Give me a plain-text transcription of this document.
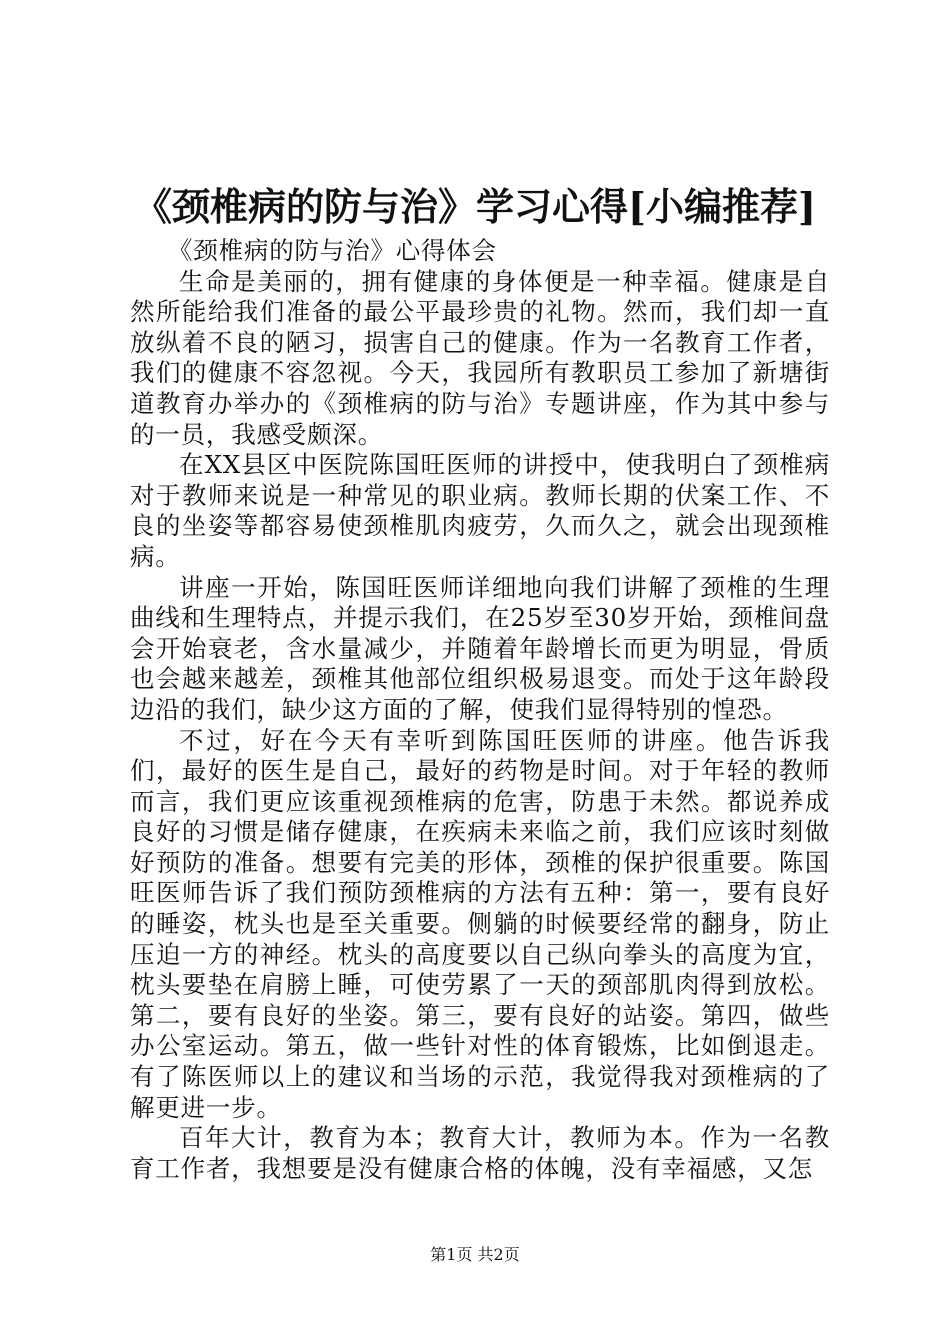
《颈椎病的防与治》学习心得[小编推荐]

《颈椎病的防与治》心得体会

生命是美丽的，拥有健康的身体便是一种幸福。健康是自然所能给我们准备的最公平最珍贵的礼物。然而，我们却一直放纵着不良的陋习，损害自己的健康。作为一名教育工作者，我们的健康不容忽视。今天，我园所有教职员工参加了新塘街道教育办举办的《颈椎病的防与治》专题讲座，作为其中参与的一员，我感受颇深。

在XX县区中医院陈国旺医师的讲授中，使我明白了颈椎病对于教师来说是一种常见的职业病。教师长期的伏案工作、不良的坐姿等都容易使颈椎肌肉疲劳，久而久之，就会出现颈椎病。

讲座一开始，陈国旺医师详细地向我们讲解了颈椎的生理曲线和生理特点，并提示我们，在25岁至30岁开始，颈椎间盘会开始衰老，含水量减少，并随着年龄增长而更为明显，骨质也会越来越差，颈椎其他部位组织极易退变。而处于这年龄段边沿的我们，缺少这方面的了解，使我们显得特别的惶恐。

不过，好在今天有幸听到陈国旺医师的讲座。他告诉我们，最好的医生是自己，最好的药物是时间。对于年轻的教师而言，我们更应该重视颈椎病的危害，防患于未然。都说养成良好的习惯是储存健康，在疾病未来临之前，我们应该时刻做好预防的准备。想要有完美的形体，颈椎的保护很重要。陈国旺医师告诉了我们预防颈椎病的方法有五种：第一，要有良好的睡姿，枕头也是至关重要。侧躺的时候要经常的翻身，防止压迫一方的神经。枕头的高度要以自己纵向拳头的高度为宜，枕头要垫在肩膀上睡，可使劳累了一天的颈部肌肉得到放松。第二，要有良好的坐姿。第三，要有良好的站姿。第四，做些办公室运动。第五，做一些针对性的体育锻炼，比如倒退走。有了陈医师以上的建议和当场的示范，我觉得我对颈椎病的了解更进一步。

百年大计，教育为本；教育大计，教师为本。作为一名教育工作者，我想要是没有健康合格的体魄，没有幸福感，又怎

第1页 共2页
